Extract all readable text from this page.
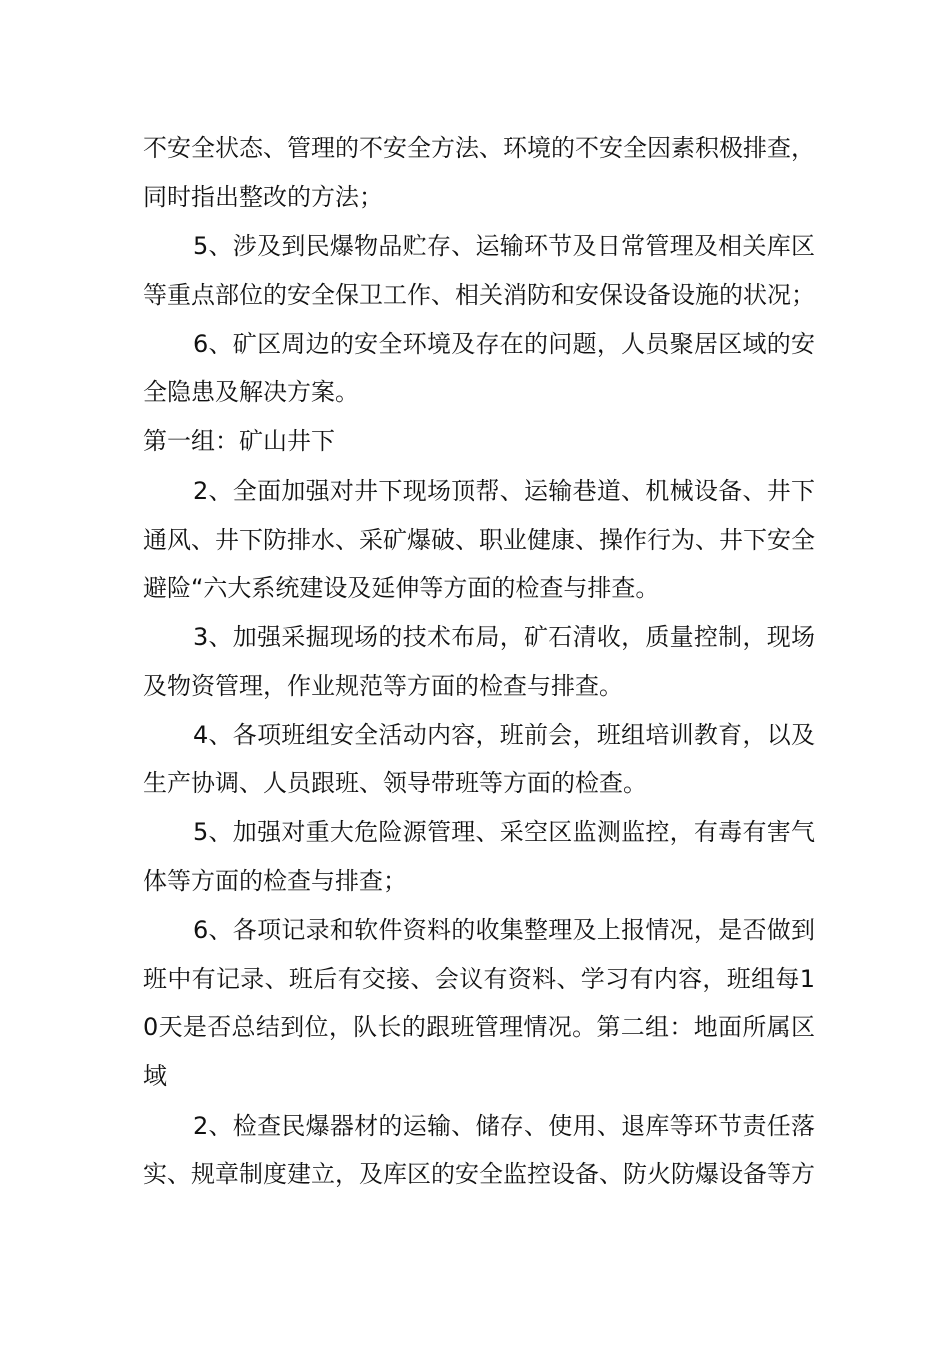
不安全状态、管理的不安全方法、环境的不安全因素积极排查，
同时指出整改的方法；
5、涉及到民爆物品贮存、运输环节及日常管理及相关库区
等重点部位的安全保卫工作、相关消防和安保设备设施的状况；
6、矿区周边的安全环境及存在的问题，人员聚居区域的安
全隐患及解决方案。
第一组：矿山井下
2、全面加强对井下现场顶帮、运输巷道、机械设备、井下
通风、井下防排水、采矿爆破、职业健康、操作行为、井下安全
避险“六大系统建设及延伸等方面的检查与排查。
3、加强采掘现场的技术布局，矿石清收，质量控制，现场
及物资管理，作业规范等方面的检查与排查。
4、各项班组安全活动内容，班前会，班组培训教育，以及
生产协调、人员跟班、领导带班等方面的检查。
5、加强对重大危险源管理、采空区监测监控，有毒有害气
体等方面的检查与排查；
6、各项记录和软件资料的收集整理及上报情况，是否做到
班中有记录、班后有交接、会议有资料、学习有内容，班组每1
0天是否总结到位，队长的跟班管理情况。第二组：地面所属区
域
2、检查民爆器材的运输、储存、使用、退库等环节责任落
实、规章制度建立，及库区的安全监控设备、防火防爆设备等方
